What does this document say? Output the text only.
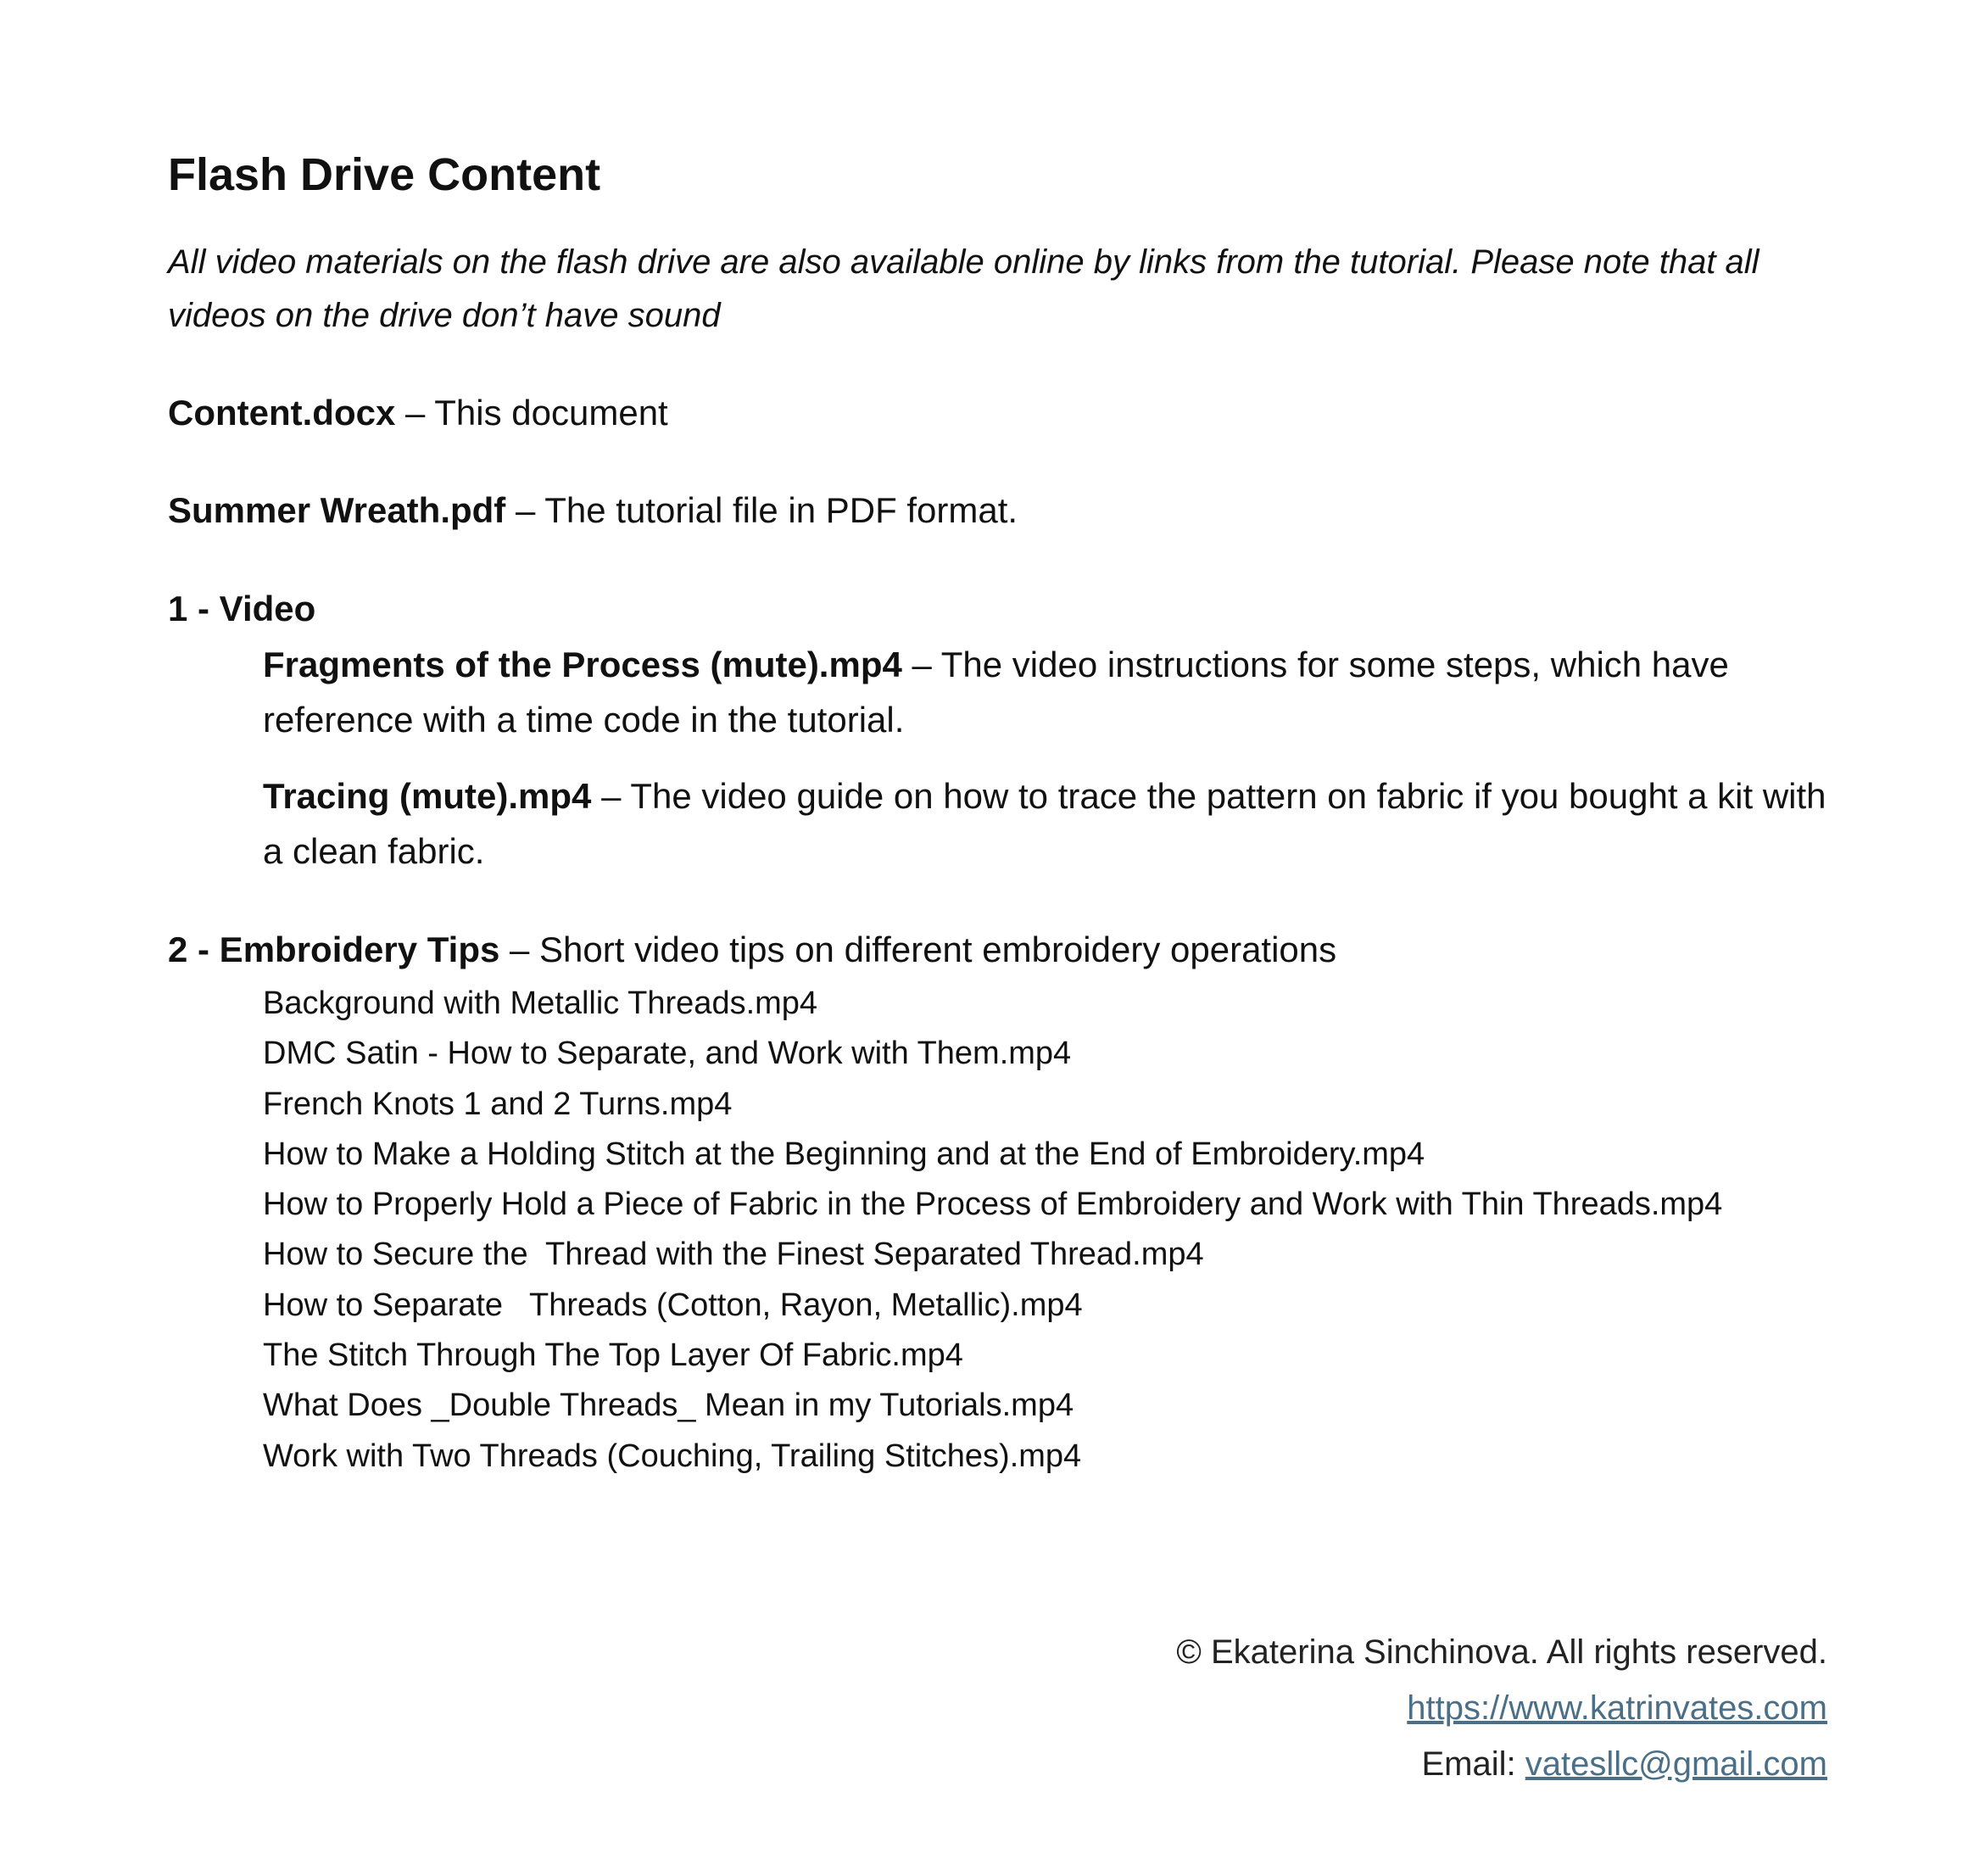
Flash Drive Content

All video materials on the flash drive are also available online by links from the tutorial. Please note that all videos on the drive don’t have sound

Content.docx – This document

Summer Wreath.pdf – The tutorial file in PDF format.

1 - Video

Fragments of the Process (mute).mp4 – The video instructions for some steps, which have reference with a time code in the tutorial.

Tracing (mute).mp4 – The video guide on how to trace the pattern on fabric if you bought a kit with a clean fabric.

2 - Embroidery Tips – Short video tips on different embroidery operations

Background with Metallic Threads.mp4
DMC Satin - How to Separate, and Work with Them.mp4
French Knots 1 and 2 Turns.mp4
How to Make a Holding Stitch at the Beginning and at the End of Embroidery.mp4
How to Properly Hold a Piece of Fabric in the Process of Embroidery and Work with Thin Threads.mp4
How to Secure the  Thread with the Finest Separated Thread.mp4
How to Separate   Threads (Cotton, Rayon, Metallic).mp4
The Stitch Through The Top Layer Of Fabric.mp4
What Does _Double Threads_ Mean in my Tutorials.mp4
Work with Two Threads (Couching, Trailing Stitches).mp4

© Ekaterina Sinchinova. All rights reserved.

https://www.katrinvates.com

Email: vatesllc@gmail.com
